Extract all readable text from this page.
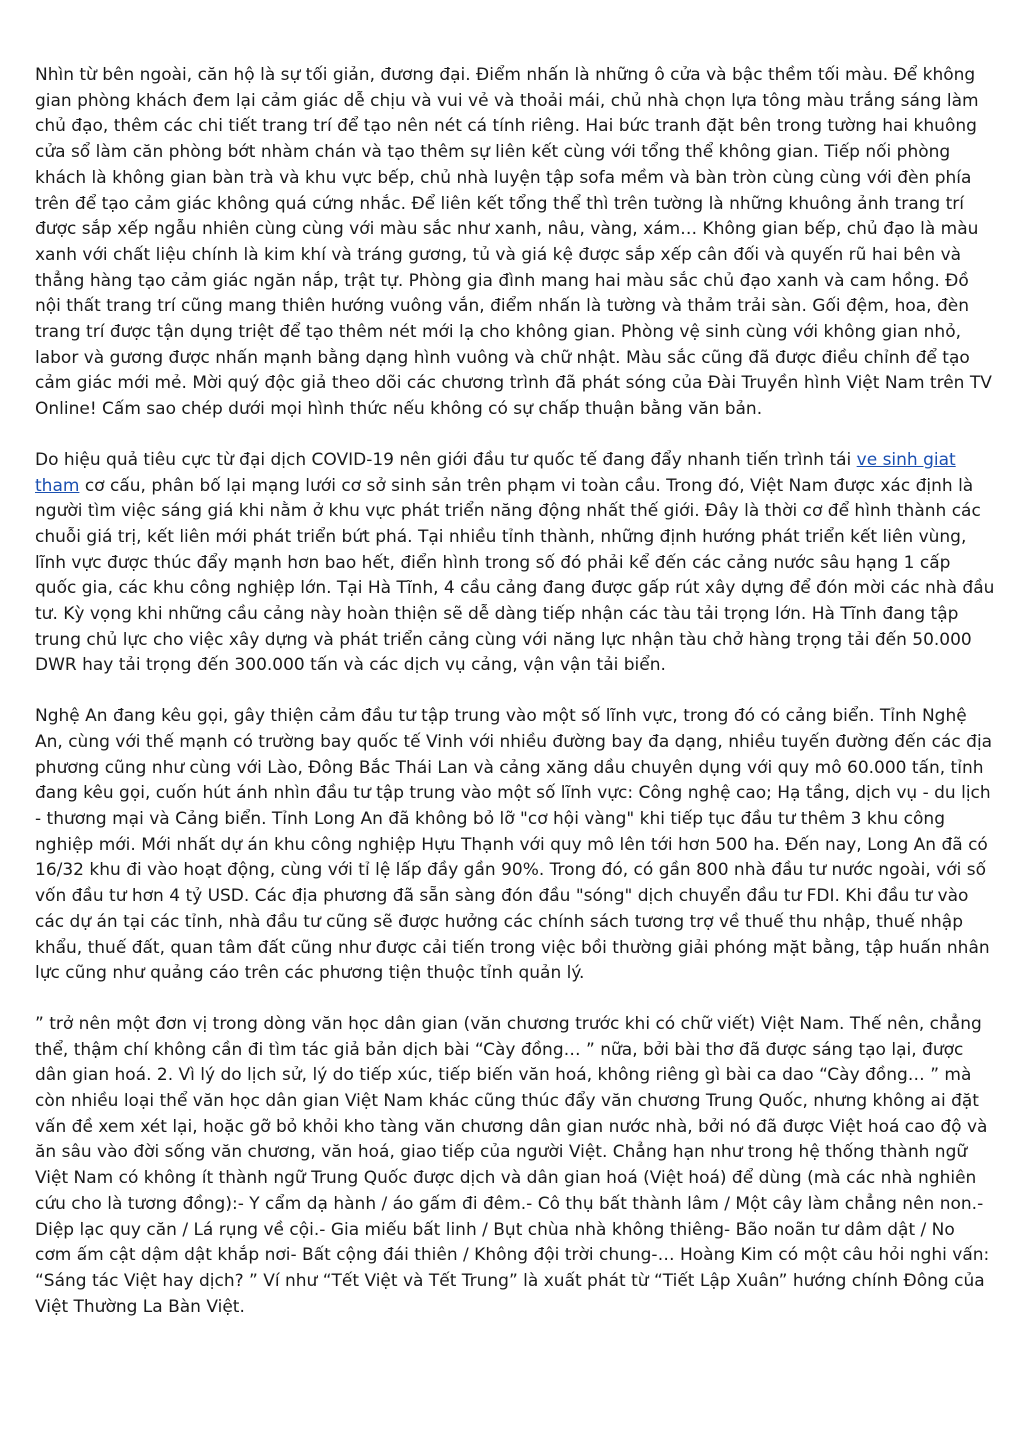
Nhìn từ bên ngoài, căn hộ là sự tối giản, đương đại. Điểm nhấn là những ô cửa và bậc thềm tối màu. Để không gian phòng khách đem lại cảm giác dễ chịu và vui vẻ và thoải mái, chủ nhà chọn lựa tông màu trắng sáng làm chủ đạo, thêm các chi tiết trang trí để tạo nên nét cá tính riêng. Hai bức tranh đặt bên trong tường hai khuông cửa sổ làm căn phòng bớt nhàm chán và tạo thêm sự liên kết cùng với tổng thể không gian. Tiếp nối phòng khách là không gian bàn trà và khu vực bếp, chủ nhà luyện tập sofa mềm và bàn tròn cùng cùng với đèn phía trên để tạo cảm giác không quá cứng nhắc. Để liên kết tổng thể thì trên tường là những khuông ảnh trang trí được sắp xếp ngẫu nhiên cùng cùng với màu sắc như xanh, nâu, vàng, xám… Không gian bếp, chủ đạo là màu xanh với chất liệu chính là kim khí và tráng gương, tủ và giá kệ được sắp xếp cân đối và quyến rũ hai bên và thẳng hàng tạo cảm giác ngăn nắp, trật tự. Phòng gia đình mang hai màu sắc chủ đạo xanh và cam hồng. Đồ nội thất trang trí cũng mang thiên hướng vuông vắn, điểm nhấn là tường và thảm trải sàn. Gối đệm, hoa, đèn trang trí được tận dụng triệt để tạo thêm nét mới lạ cho không gian. Phòng vệ sinh cùng với không gian nhỏ, labor và gương được nhấn mạnh bằng dạng hình vuông và chữ nhật. Màu sắc cũng đã được điều chỉnh để tạo cảm giác mới mẻ. Mời quý độc giả theo dõi các chương trình đã phát sóng của Đài Truyền hình Việt Nam trên TV Online! Cấm sao chép dưới mọi hình thức nếu không có sự chấp thuận bằng văn bản.

Do hiệu quả tiêu cực từ đại dịch COVID-19 nên giới đầu tư quốc tế đang đẩy nhanh tiến trình tái ve sinh giat tham cơ cấu, phân bố lại mạng lưới cơ sở sinh sản trên phạm vi toàn cầu. Trong đó, Việt Nam được xác định là người tìm việc sáng giá khi nằm ở khu vực phát triển năng động nhất thế giới. Đây là thời cơ để hình thành các chuỗi giá trị, kết liên mới phát triển bứt phá. Tại nhiều tỉnh thành, những định hướng phát triển kết liên vùng, lĩnh vực được thúc đẩy mạnh hơn bao hết, điển hình trong số đó phải kể đến các cảng nước sâu hạng 1 cấp quốc gia, các khu công nghiệp lớn. Tại Hà Tĩnh, 4 cầu cảng đang được gấp rút xây dựng để đón mời các nhà đầu tư. Kỳ vọng khi những cầu cảng này hoàn thiện sẽ dễ dàng tiếp nhận các tàu tải trọng lớn. Hà Tĩnh đang tập trung chủ lực cho việc xây dựng và phát triển cảng cùng với năng lực nhận tàu chở hàng trọng tải đến 50.000 DWR hay tải trọng đến 300.000 tấn và các dịch vụ cảng, vận vận tải biển.

Nghệ An đang kêu gọi, gây thiện cảm đầu tư tập trung vào một số lĩnh vực, trong đó có cảng biển. Tỉnh Nghệ An, cùng với thế mạnh có trường bay quốc tế Vinh với nhiều đường bay đa dạng, nhiều tuyến đường đến các địa phương cũng như cùng với Lào, Đông Bắc Thái Lan và cảng xăng dầu chuyên dụng với quy mô 60.000 tấn, tỉnh đang kêu gọi, cuốn hút ánh nhìn đầu tư tập trung vào một số lĩnh vực: Công nghệ cao; Hạ tầng, dịch vụ - du lịch - thương mại và Cảng biển. Tỉnh Long An đã không bỏ lỡ "cơ hội vàng" khi tiếp tục đầu tư thêm 3 khu công nghiệp mới. Mới nhất dự án khu công nghiệp Hựu Thạnh với quy mô lên tới hơn 500 ha. Đến nay, Long An đã có 16/32 khu đi vào hoạt động, cùng với tỉ lệ lấp đầy gần 90%. Trong đó, có gần 800 nhà đầu tư nước ngoài, với số vốn đầu tư hơn 4 tỷ USD. Các địa phương đã sẵn sàng đón đầu "sóng" dịch chuyển đầu tư FDI. Khi đầu tư vào các dự án tại các tỉnh, nhà đầu tư cũng sẽ được hưởng các chính sách tương trợ về thuế thu nhập, thuế nhập khẩu, thuế đất, quan tâm đất cũng như được cải tiến trong việc bồi thường giải phóng mặt bằng, tập huấn nhân lực cũng như quảng cáo trên các phương tiện thuộc tỉnh quản lý.

” trở nên một đơn vị trong dòng văn học dân gian (văn chương trước khi có chữ viết) Việt Nam. Thế nên, chẳng thể, thậm chí không cần đi tìm tác giả bản dịch bài “Cày đồng… ” nữa, bởi bài thơ đã được sáng tạo lại, được dân gian hoá. 2. Vì lý do lịch sử, lý do tiếp xúc, tiếp biến văn hoá, không riêng gì bài ca dao “Cày đồng… ” mà còn nhiều loại thể văn học dân gian Việt Nam khác cũng thúc đẩy văn chương Trung Quốc, nhưng không ai đặt vấn đề xem xét lại, hoặc gỡ bỏ khỏi kho tàng văn chương dân gian nước nhà, bởi nó đã được Việt hoá cao độ và ăn sâu vào đời sống văn chương, văn hoá, giao tiếp của người Việt. Chẳng hạn như trong hệ thống thành ngữ Việt Nam có không ít thành ngữ Trung Quốc được dịch và dân gian hoá (Việt hoá) để dùng (mà các nhà nghiên cứu cho là tương đồng):- Y cẩm dạ hành / áo gấm đi đêm.- Cô thụ bất thành lâm / Một cây làm chẳng nên non.- Diệp lạc quy căn / Lá rụng về cội.- Gia miếu bất linh / Bụt chùa nhà không thiêng- Bão noãn tư dâm dật / No cơm ấm cật dậm dật khắp nơi- Bất cộng đái thiên / Không đội trời chung-… Hoàng Kim có một câu hỏi nghi vấn: “Sáng tác Việt hay dịch? ” Ví như “Tết Việt và Tết Trung” là xuất phát từ “Tiết Lập Xuân” hướng chính Đông của Việt Thường La Bàn Việt.
